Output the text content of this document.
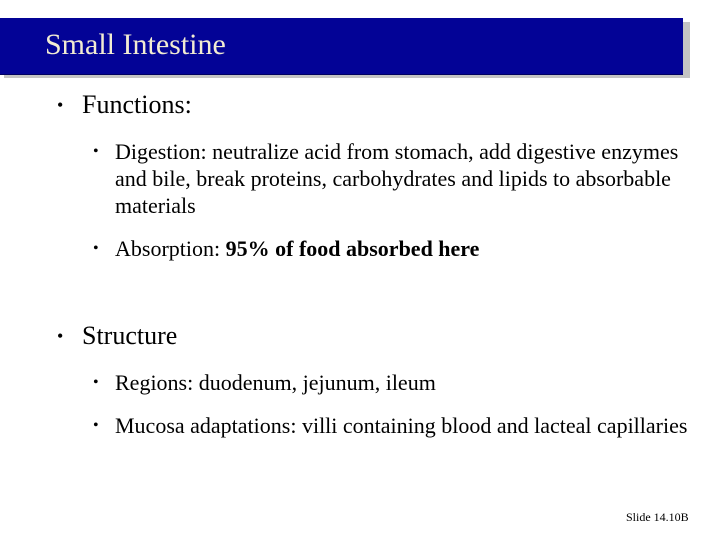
Small Intestine
• Functions:
• Digestion: neutralize acid from stomach, add digestive enzymes and bile, break proteins, carbohydrates and lipids to absorbable materials
• Absorption: 95% of food absorbed here
• Structure
• Regions: duodenum, jejunum, ileum
• Mucosa adaptations: villi containing blood and lacteal capillaries
Slide 14.10B
